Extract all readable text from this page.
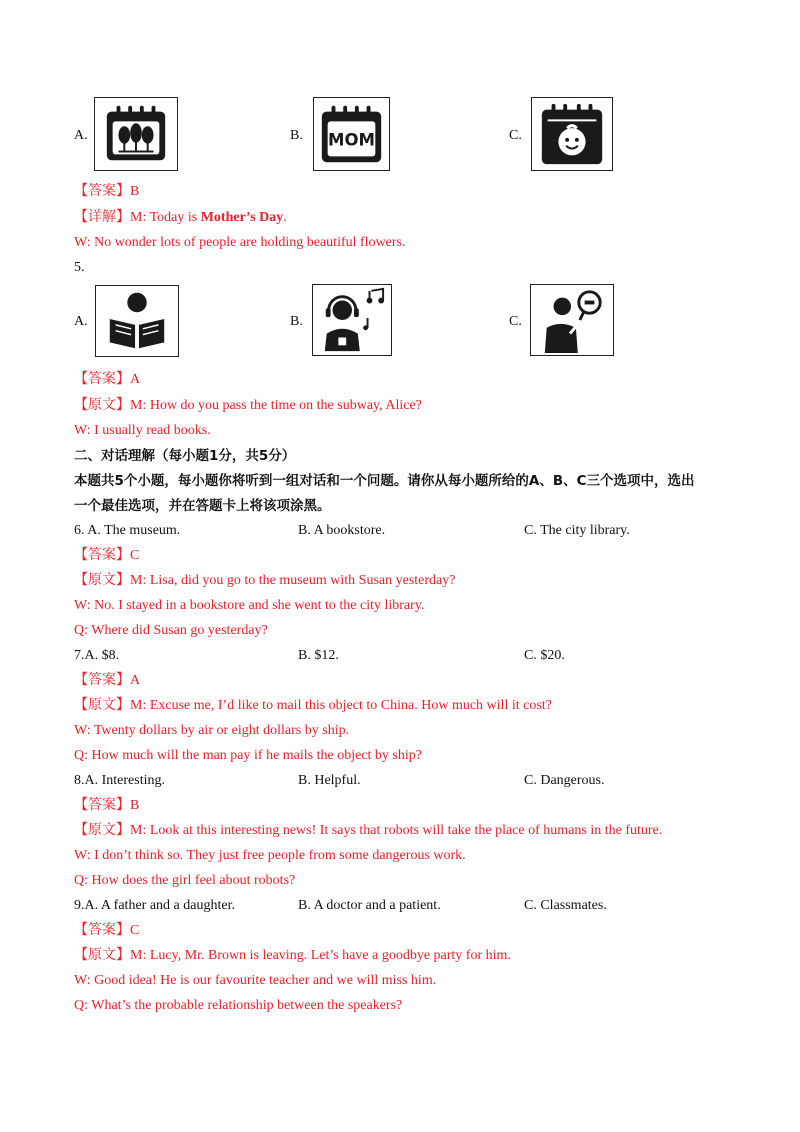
A.	B. MOM	C.
【答案】B
【详解】M: Today is Mother’s Day.
W: No wonder lots of people are holding beautiful flowers.
5.
A.	B.	C.
【答案】A
【原文】M: How do you pass the time on the subway, Alice?
W: I usually read books.
二、对话理解（每小题1分，共5分）
本题共5个小题，每小题你将听到一组对话和一个问题。请你从每小题所给的A、B、C三个选项中，选出
一个最佳选项，并在答题卡上将该项涂黑。
6. A. The museum.	B. A bookstore.	C. The city library.
【答案】C
【原文】M: Lisa, did you go to the museum with Susan yesterday?
W: No. I stayed in a bookstore and she went to the city library.
Q: Where did Susan go yesterday?
7.A. $8.	B. $12.	C. $20.
【答案】A
【原文】M: Excuse me, I’d like to mail this object to China. How much will it cost?
W: Twenty dollars by air or eight dollars by ship.
Q: How much will the man pay if he mails the object by ship?
8.A. Interesting.	B. Helpful.	C. Dangerous.
【答案】B
【原文】M: Look at this interesting news! It says that robots will take the place of humans in the future.
W: I don’t think so. They just free people from some dangerous work.
Q: How does the girl feel about robots?
9.A. A father and a daughter.	B. A doctor and a patient.	C. Classmates.
【答案】C
【原文】M: Lucy, Mr. Brown is leaving. Let’s have a goodbye party for him.
W: Good idea! He is our favourite teacher and we will miss him.
Q: What’s the probable relationship between the speakers?
